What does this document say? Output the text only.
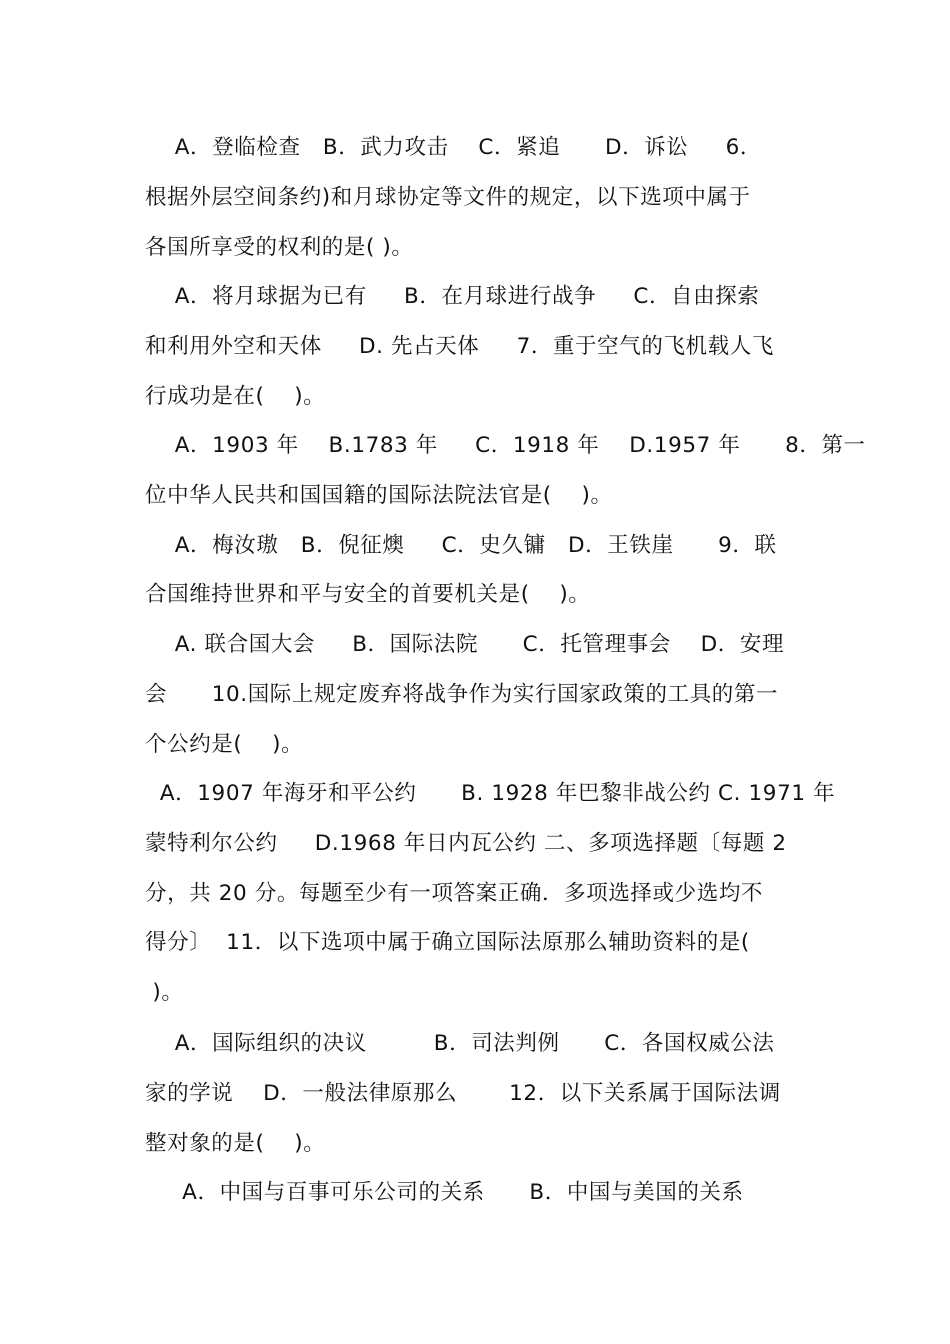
A．登临检查   B．武力攻击    C．紧追      D．诉讼     6．
根据外层空间条约)和月球协定等文件的规定，以下选项中属于
各国所享受的权利的是( )。
A．将月球据为已有     B．在月球进行战争     C．自由探索
和利用外空和天体     D. 先占天体     7．重于空气的飞机载人飞
行成功是在(    )。
A．1903 年    B.1783 年     C．1918 年    D.1957 年      8．第一
位中华人民共和国国籍的国际法院法官是(    )。
A．梅汝璈   B．倪征燠     C．史久镛   D．王铁崖      9．联
合国维持世界和平与安全的首要机关是(    )。
A. 联合国大会     B．国际法院      C．托管理事会    D．安理
会      10.国际上规定废弃将战争作为实行国家政策的工具的第一
个公约是(    )。
A．1907 年海牙和平公约      B. 1928 年巴黎非战公约 C. 1971 年
蒙特利尔公约     D.1968 年日内瓦公约 二、多项选择题〔每题 2
分，共 20 分。每题至少有一项答案正确．多项选择或少选均不
得分〕  11．以下选项中属于确立国际法原那么辅助资料的是(
)。
A．国际组织的决议         B．司法判例      C．各国权威公法
家的学说    D．一般法律原那么       12．以下关系属于国际法调
整对象的是(    )。
A．中国与百事可乐公司的关系      B．中国与美国的关系
